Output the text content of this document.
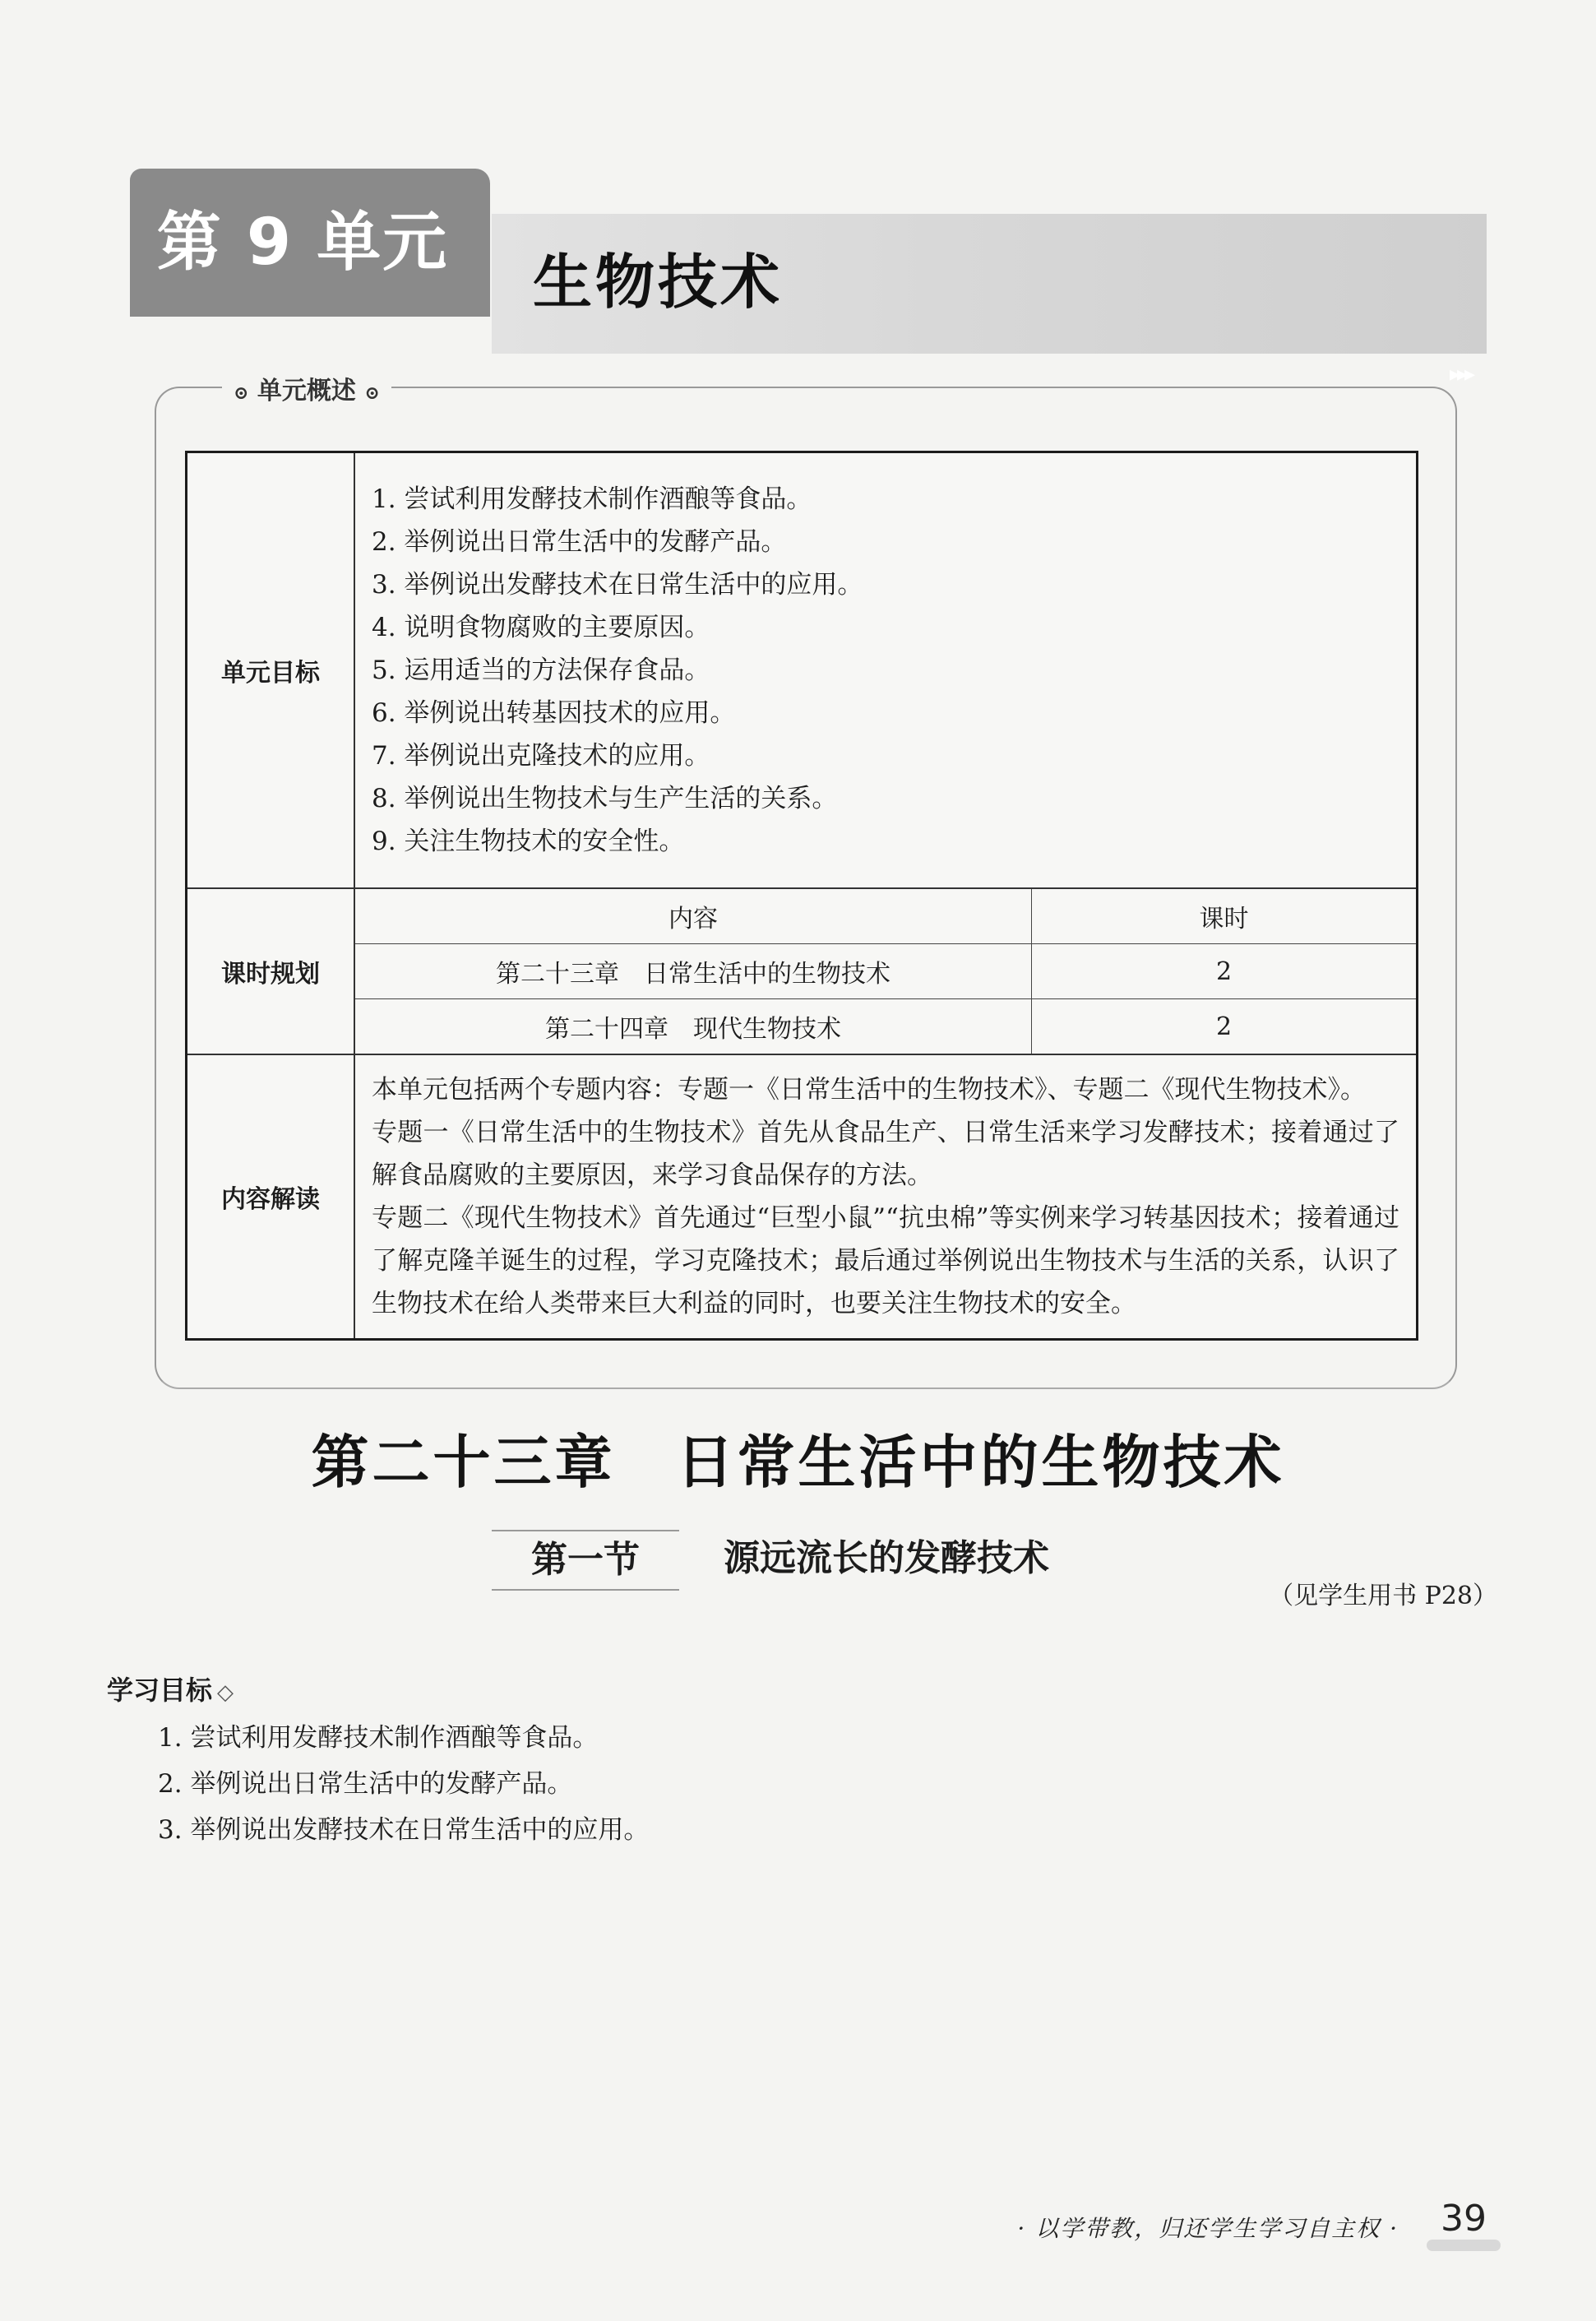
第 9 单元
▸▸▸
生物技术
⊙ 单元概述 ⊙
单元目标	
1. 尝试利用发酵技术制作酒酿等食品。
2. 举例说出日常生活中的发酵产品。
3. 举例说出发酵技术在日常生活中的应用。
4. 说明食物腐败的主要原因。
5. 运用适当的方法保存食品。
6. 举例说出转基因技术的应用。
7. 举例说出克隆技术的应用。
8. 举例说出生物技术与生产生活的关系。
9. 关注生物技术的安全性。

课时规划	
内容	课时
第二十三章　日常生活中的生物技术	2
第二十四章　现代生物技术	2

内容解读	
本单元包括两个专题内容：专题一《日常生活中的生物技术》、专题二《现代生物技术》。
专题一《日常生活中的生物技术》首先从食品生产、日常生活来学习发酵技术；接着通过了解食品腐败的主要原因，来学习食品保存的方法。
专题二《现代生物技术》首先通过“巨型小鼠”“抗虫棉”等实例来学习转基因技术；接着通过了解克隆羊诞生的过程，学习克隆技术；最后通过举例说出生物技术与生活的关系，认识了生物技术在给人类带来巨大利益的同时，也要关注生物技术的安全。
第二十三章　日常生活中的生物技术
第一节	源远流长的发酵技术
（见学生用书 P28）
学习目标 ◇
1. 尝试利用发酵技术制作酒酿等食品。
2. 举例说出日常生活中的发酵产品。
3. 举例说出发酵技术在日常生活中的应用。
· 以学带教，归还学生学习自主权 ·	39
